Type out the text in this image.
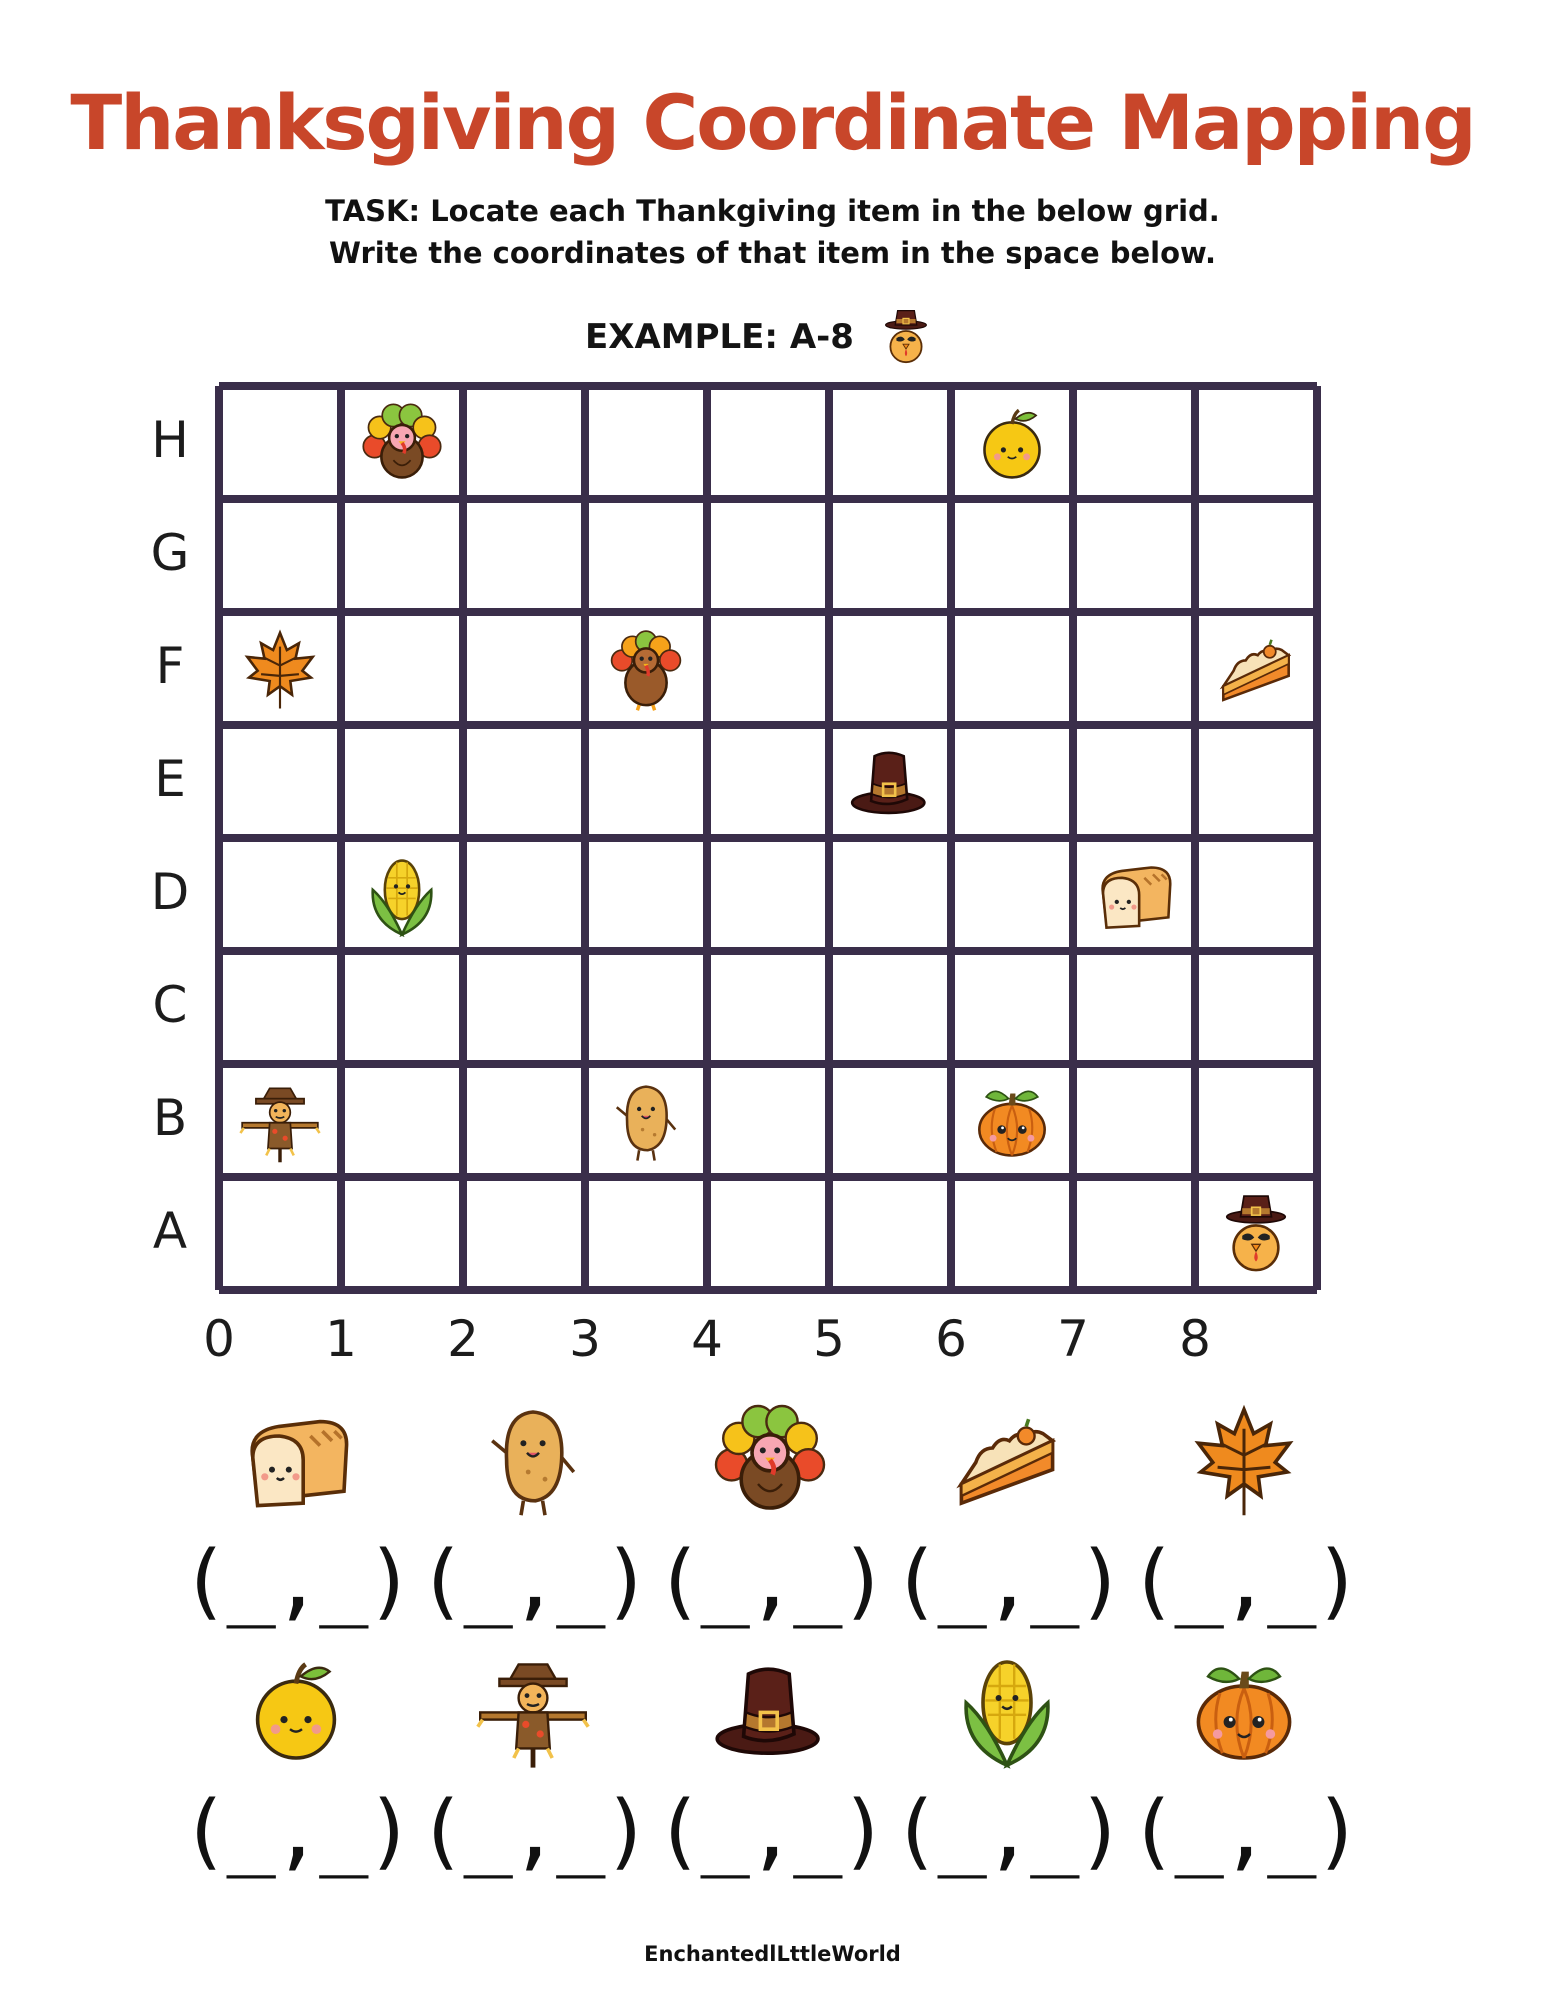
Thanksgiving Coordinate Mapping
TASK: Locate each Thankgiving item in the below grid.
Write the coordinates of that item in the space below.
EXAMPLE: A-8
H
G
F
E
D
C
B
A
0	1	2	3	4	5	6	7	8
(_,_) (_,_) (_,_) (_,_) (_,_)
(_,_) (_,_) (_,_) (_,_) (_,_)
EnchantedlLttleWorld
